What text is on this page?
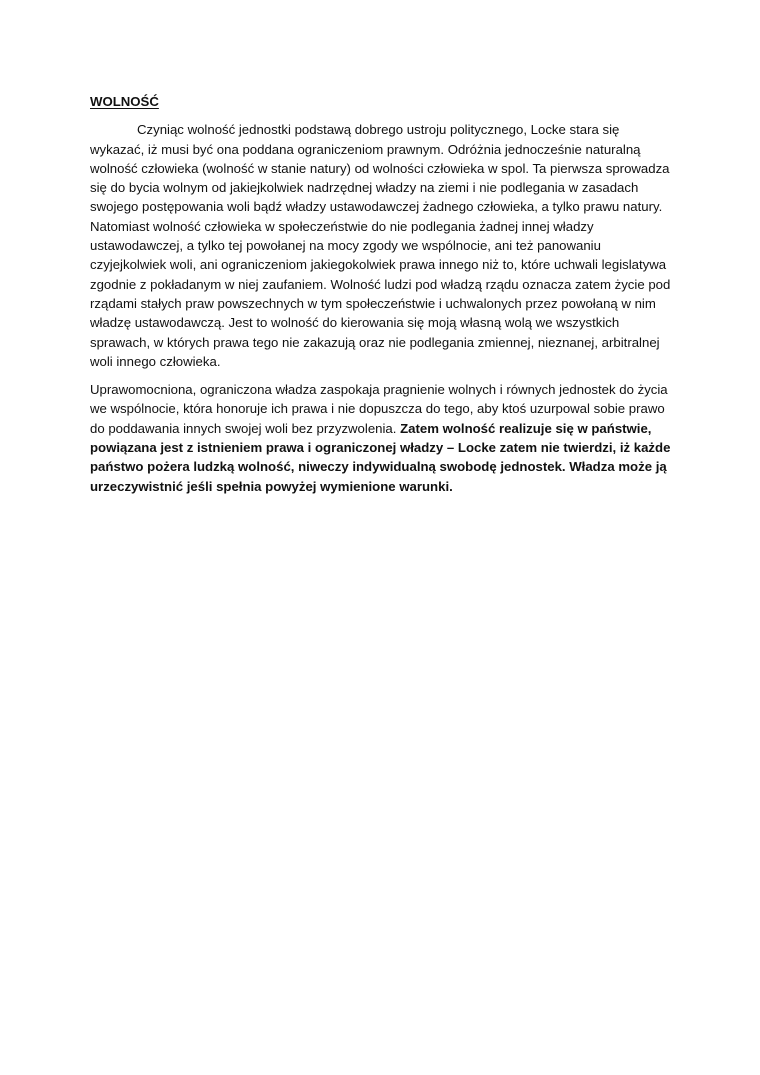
WOLNOŚĆ

Czyniąc wolność jednostki podstawą dobrego ustroju politycznego, Locke stara się wykazać, iż musi być ona poddana ograniczeniom prawnym. Odróżnia jednocześnie naturalną wolność człowieka (wolność w stanie natury) od wolności człowieka w spol. Ta pierwsza sprowadza się do bycia wolnym od jakiejkolwiek nadrzędnej władzy na ziemi i nie podlegania w zasadach swojego postępowania woli bądź władzy ustawodawczej żadnego człowieka, a tylko prawu natury. Natomiast wolność człowieka w społeczeństwie do nie podlegania żadnej innej władzy ustawodawczej, a tylko tej powołanej na mocy zgody we wspólnocie, ani też panowaniu czyjejkolwiek woli, ani ograniczeniom jakiegokolwiek prawa innego niż to, które uchwali legislatywa zgodnie z pokładanym w niej zaufaniem. Wolność ludzi pod władzą rządu oznacza zatem życie pod rządami stałych praw powszechnych w tym społeczeństwie i uchwalonych przez powołaną w nim władzę ustawodawczą. Jest to wolność do kierowania się moją własną wolą we wszystkich sprawach, w których prawa tego nie zakazują oraz nie podlegania zmiennej, nieznanej, arbitralnej woli innego człowieka.

Uprawomocniona, ograniczona władza zaspokaja pragnienie wolnych i równych jednostek do życia we wspólnocie, która honoruje ich prawa i nie dopuszcza do tego, aby ktoś uzurpowal sobie prawo do poddawania innych swojej woli bez przyzwolenia. Zatem wolność realizuje się w państwie, powiązana jest z istnieniem prawa i ograniczonej władzy – Locke zatem nie twierdzi, iż każde państwo pożera ludzką wolność, niweczy indywidualną swobodę jednostek. Władza może ją urzeczywistnić jeśli spełnia powyżej wymienione warunki.
